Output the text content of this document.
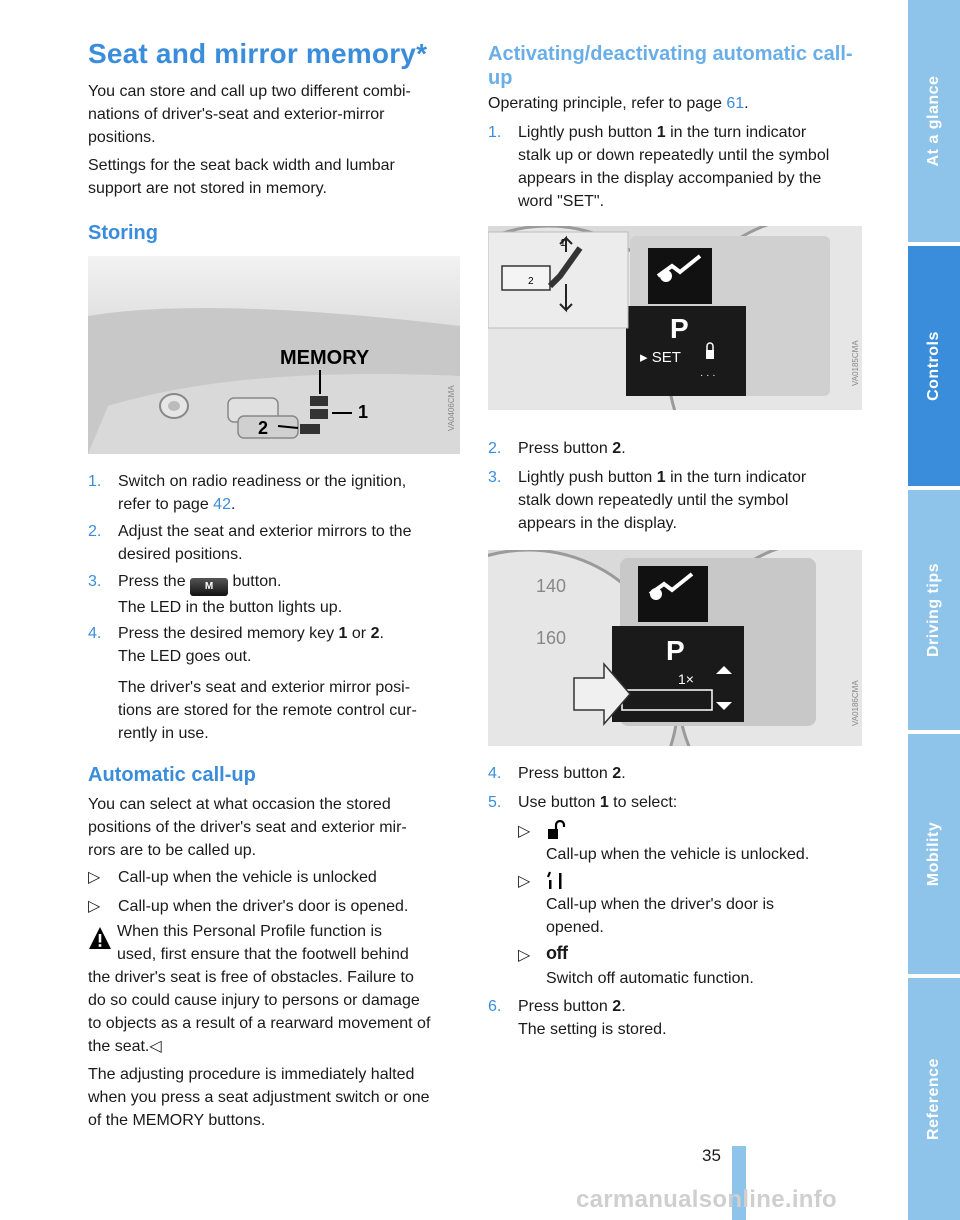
At a glance
Controls
Driving tips
Mobility
Reference
Seat and mirror memory*
You can store and call up two different combi-
nations of driver's-seat and exterior-mirror
positions.
Settings for the seat back width and lumbar
support are not stored in memory.
Storing
1
2
MEMORY
VA0406CMA
1. Switch on radio readiness or the ignition,
refer to page 42.
2. Adjust the seat and exterior mirrors to the
desired positions.
3. Press the M button.
The LED in the button lights up.
4. Press the desired memory key 1 or 2.
The LED goes out.
The driver's seat and exterior mirror posi-
tions are stored for the remote control cur-
rently in use.
Automatic call-up
You can select at what occasion the stored
positions of the driver's seat and exterior mir-
rors are to be called up.
▷ Call-up when the vehicle is unlocked
▷ Call-up when the driver's door is opened.
When this Personal Profile function is
used, first ensure that the footwell behind
the driver's seat is free of obstacles. Failure to
do so could cause injury to persons or damage
to objects as a result of a rearward movement of
the seat.◁
The adjusting procedure is immediately halted
when you press a seat adjustment switch or one
of the MEMORY buttons.
Activating/deactivating automatic call-
up
Operating principle, refer to page 61.
1. Lightly push button 1 in the turn indicator
stalk up or down repeatedly until the symbol
appears in the display accompanied by the
word "SET".
P
▸ SET
· · ·
1
2
VA0185CMA
2. Press button 2.
3. Lightly push button 1 in the turn indicator
stalk down repeatedly until the symbol
appears in the display.
140
160	P
1×
VA0186CMA
4. Press button 2.
5. Use button 1 to select:
▷
Call-up when the vehicle is unlocked.
▷
Call-up when the driver's door is
opened.
▷ off
Switch off automatic function.
6. Press button 2.
The setting is stored.
35
carmanualsonline.info
